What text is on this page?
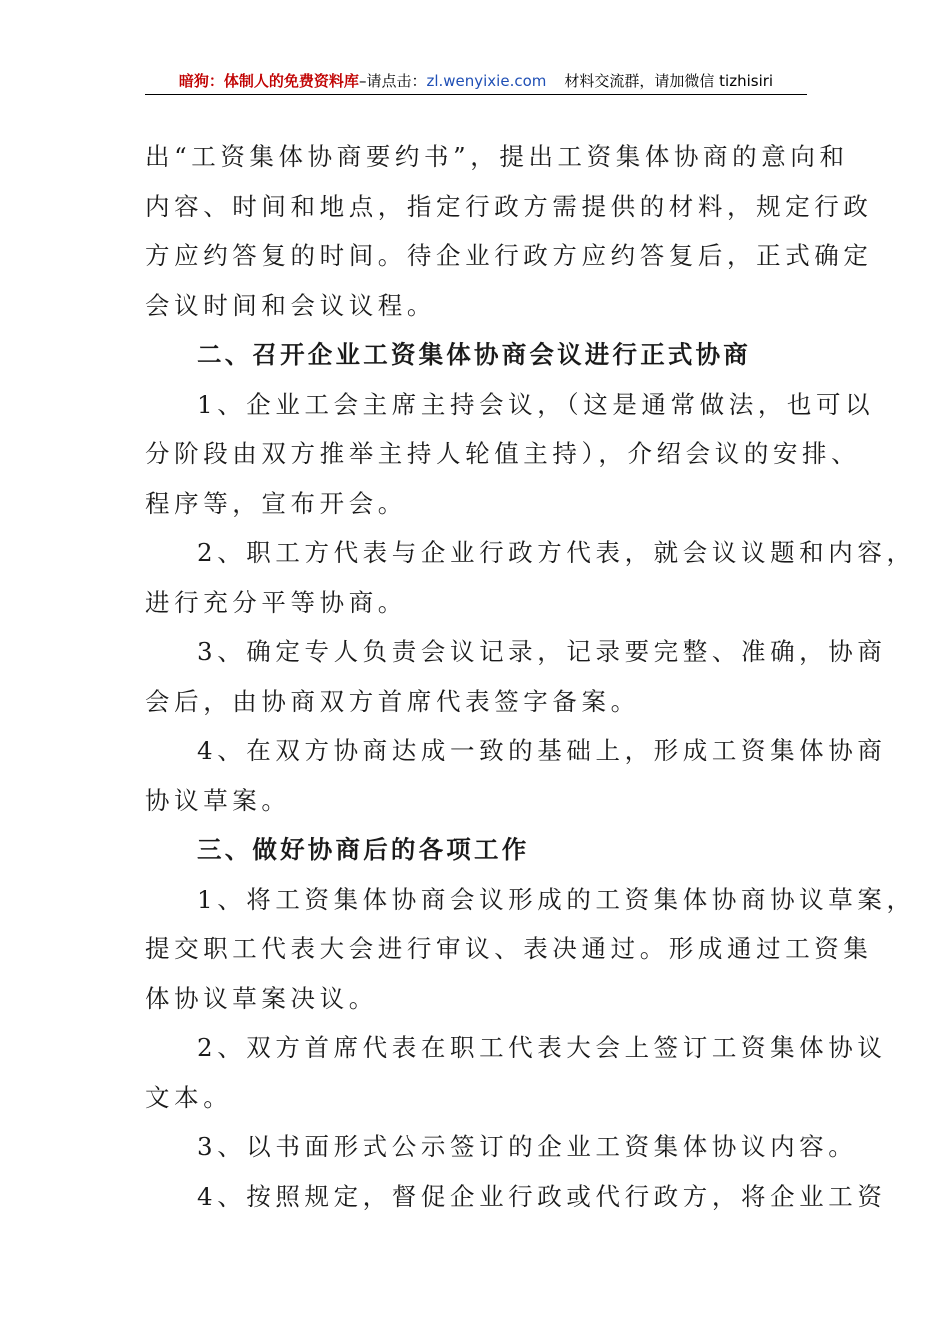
暗狗：体制人的免费资料库–请点击：zl.wenyixie.com 材料交流群，请加微信 tizhisiri
出“工资集体协商要约书”，提出工资集体协商的意向和
内容、时间和地点，指定行政方需提供的材料，规定行政
方应约答复的时间。待企业行政方应约答复后，正式确定
会议时间和会议议程。
二、召开企业工资集体协商会议进行正式协商
1、企业工会主席主持会议，（这是通常做法，也可以
分阶段由双方推举主持人轮值主持），介绍会议的安排、
程序等，宣布开会。
2、职工方代表与企业行政方代表，就会议议题和内容，
进行充分平等协商。
3、确定专人负责会议记录，记录要完整、准确，协商
会后，由协商双方首席代表签字备案。
4、在双方协商达成一致的基础上，形成工资集体协商
协议草案。
三、做好协商后的各项工作
1、将工资集体协商会议形成的工资集体协商协议草案，
提交职工代表大会进行审议、表决通过。形成通过工资集
体协议草案决议。
2、双方首席代表在职工代表大会上签订工资集体协议
文本。
3、以书面形式公示签订的企业工资集体协议内容。
4、按照规定，督促企业行政或代行政方，将企业工资
